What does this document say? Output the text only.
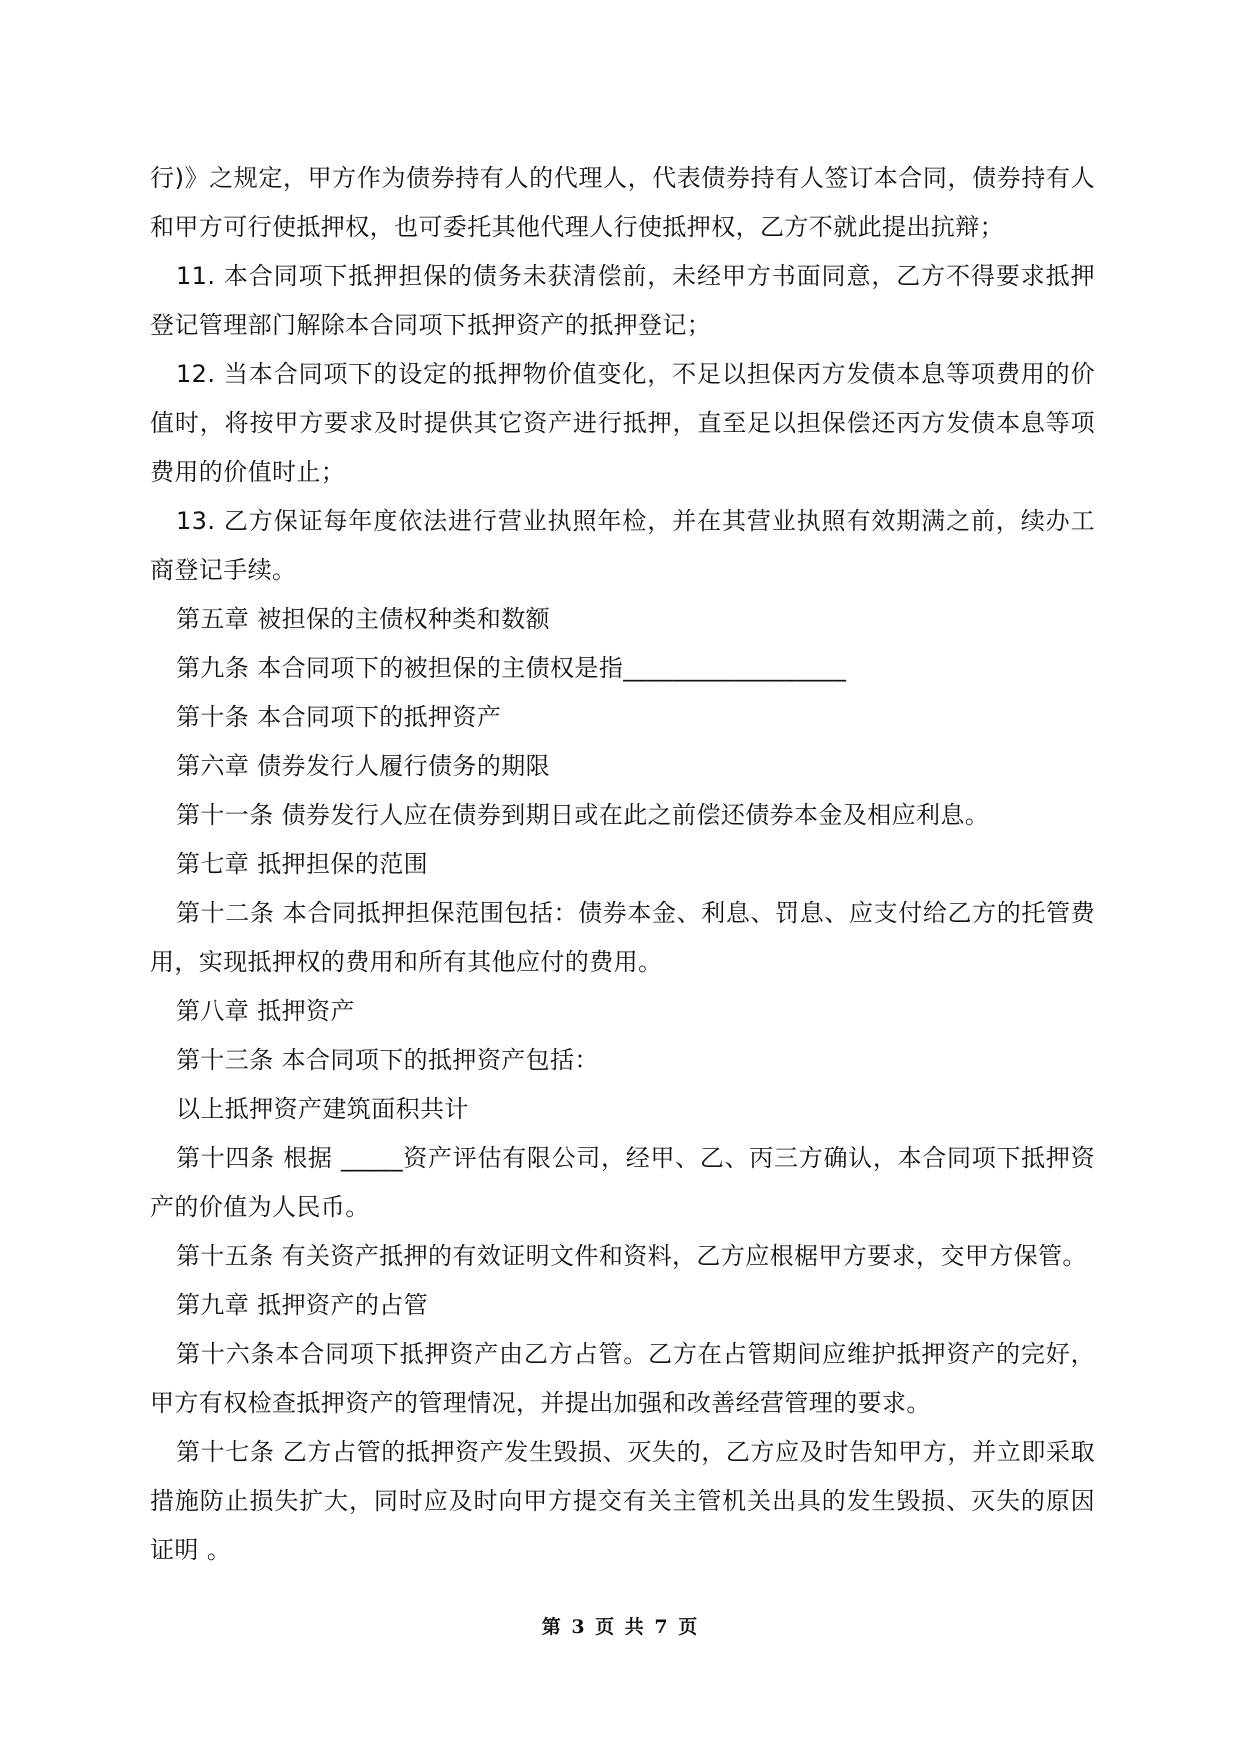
行)》之规定，甲方作为债券持有人的代理人，代表债券持有人签订本合同，债券持有人和甲方可行使抵押权，也可委托其他代理人行使抵押权，乙方不就此提出抗辩；

11. 本合同项下抵押担保的债务未获清偿前，未经甲方书面同意，乙方不得要求抵押登记管理部门解除本合同项下抵押资产的抵押登记；

12. 当本合同项下的设定的抵押物价值变化，不足以担保丙方发债本息等项费用的价值时，将按甲方要求及时提供其它资产进行抵押，直至足以担保偿还丙方发债本息等项费用的价值时止；

13. 乙方保证每年度依法进行营业执照年检，并在其营业执照有效期满之前，续办工商登记手续。

第五章 被担保的主债权种类和数额

第九条 本合同项下的被担保的主债权是指__________________

第十条 本合同项下的抵押资产

第六章 债券发行人履行债务的期限

第十一条 债券发行人应在债券到期日或在此之前偿还债券本金及相应利息。

第七章 抵押担保的范围

第十二条 本合同抵押担保范围包括：债券本金、利息、罚息、应支付给乙方的托管费用，实现抵押权的费用和所有其他应付的费用。

第八章 抵押资产

第十三条 本合同项下的抵押资产包括：

以上抵押资产建筑面积共计

第十四条 根据 _____资产评估有限公司，经甲、乙、丙三方确认，本合同项下抵押资产的价值为人民币。

第十五条 有关资产抵押的有效证明文件和资料，乙方应根椐甲方要求，交甲方保管。

第九章 抵押资产的占管

第十六条本合同项下抵押资产由乙方占管。乙方在占管期间应维护抵押资产的完好，甲方有权检查抵押资产的管理情况，并提出加强和改善经营管理的要求。

第十七条 乙方占管的抵押资产发生毁损、灭失的，乙方应及时告知甲方，并立即采取措施防止损失扩大，同时应及时向甲方提交有关主管机关出具的发生毁损、灭失的原因证明 。

第 3 页 共 7 页
